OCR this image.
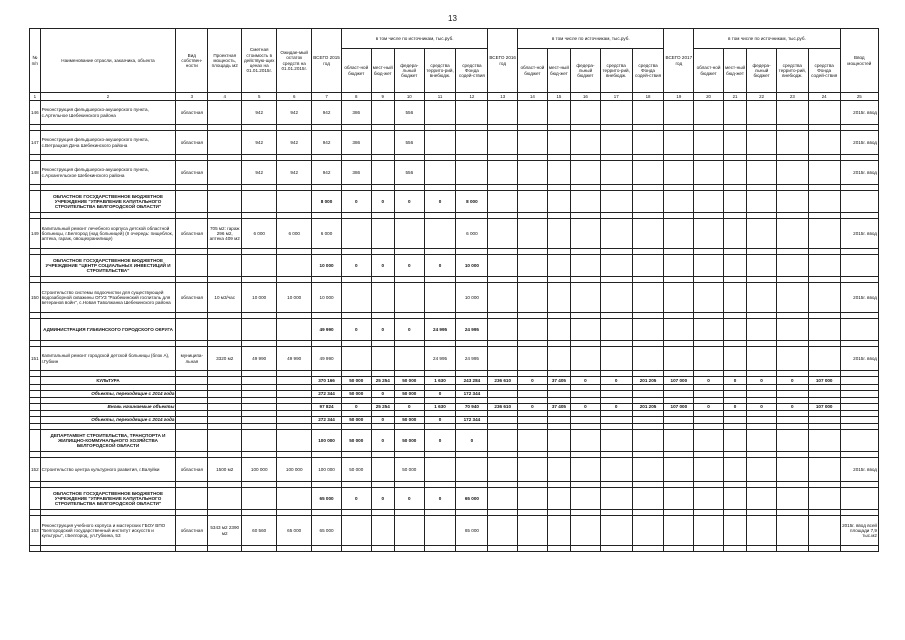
13
№ п/п	Наименование отрасли, заказчика, объекта	Вид собствен-ности	Проектная мощность, площадь м2	Сметная стоимость в действую-щих ценах на 01.01.2015г.	Ожидае-мый остаток средств на 01.01.2015г.	ВСЕГО 2015 год	в том числе по источникам, тыс.руб.					ВСЕГО 2016 год	в том числе по источникам, тыс.руб.					ВСЕГО 2017 год	в том числе по источникам, тыс.руб.					Ввод мощностей
							област-ной бюджет	мест-ный бюд-жет	федера-льный бюджет	средства террито-рий, внебюдж.	средства Фонда содей-ствия		област-ной бюджет	мест-ный бюд-жет	федера-льный бюджет	средства террито-рий, внебюдж.	средства Фонда содей-ствия		област-ной бюджет	мест-ный бюд-жет	федера-льный бюджет	средства террито-рий, внебюдж.	средства Фонда содей-ствия	
1	2	3	4	5	6	7	8	9	10	11	12	13	14	15	16	17	18	19	20	21	22	23	24	25
146	Реконструкция фельдшерско-акушерского пункта, с.Артельное Шебекинского района	областная		942	942	942	386		556															2015г. ввод

147	Реконструкция фельдшерско-акушерского пункта, с.Ветрацкая Дача Шебекинского района	областная		942	942	942	386		556															2015г. ввод

148	Реконструкция фельдшерско-акушерского пункта, с.Архангельское Шебекинского района	областная		942	942	942	386		556															2015г. ввод

	ОБЛАСТНОЕ ГОСУДАРСТВЕННОЕ БЮДЖЕТНОЕ УЧРЕЖДЕНИЕ "УПРАВЛЕНИЕ КАПИТАЛЬНОГО СТРОИТЕЛЬСТВА БЕЛГОРОДСКОЙ ОБЛАСТИ"					8 000	0	0	0	0	8 000													

149	Капитальный ремонт лечебного корпуса детской областной больницы, г.Белгород (над больницей) (II очередь: пищеблок, аптека, гараж, овощехранилище)	областная	705 м2: гараж 296 м2, аптека 409 м2	6 000	6 000	6 000					6 000													2015г. ввод

	ОБЛАСТНОЕ ГОСУДАРСТВЕННОЕ БЮДЖЕТНОЕ УЧРЕЖДЕНИЕ "ЦЕНТР СОЦИАЛЬНЫХ ИНВЕСТИЦИЙ И СТРОИТЕЛЬСТВА"					10 000	0	0	0	0	10 000													

150	Строительство системы водоочистки для существующей водозаборной скважины ОГУЗ "Разбекинский госпиталь для ветеранов войн", с.Новая Таволжанка Шебекинского района	областная	10 м3/час	10 000	10 000	10 000					10 000													2015г. ввод

	АДМИНИСТРАЦИЯ ГУБКИНСКОГО ГОРОДСКОГО ОКРУГА					49 990	0	0	0	24 995	24 995													

151	Капитальный ремонт городской детской больницы (блок А), г.Губкин	муниципа-льная	3320 м2	49 990	49 990	49 990				24 995	24 995													2015г. ввод

	КУЛЬТУРА					370 166	50 000	25 254	50 000	1 630	243 284	236 610	0	37 405	0	0	201 205	107 000	0	0	0	0	107 000	

	Объекты, переходящие с 2014 года					272 344	50 000	0	50 000	0	172 344													

	Вновь начинаемые объекты					97 824	0	25 254	0	1 630	70 940	236 610	0	37 405	0	0	201 205	107 000	0	0	0	0	107 000	

	Объекты, переходящие с 2014 года					272 344	50 000	0	50 000	0	172 344													

	ДЕПАРТАМЕНТ СТРОИТЕЛЬСТВА, ТРАНСПОРТА И ЖИЛИЩНО-КОММУНАЛЬНОГО ХОЗЯЙСТВА БЕЛГОРОДСКОЙ ОБЛАСТИ					100 000	50 000	0	50 000	0	0													

152	Строительство центра культурного развития, г.Валуйки	областная	1500 м2	100 000	100 000	100 000	50 000		50 000															2015г. ввод

	ОБЛАСТНОЕ ГОСУДАРСТВЕННОЕ БЮДЖЕТНОЕ УЧРЕЖДЕНИЕ "УПРАВЛЕНИЕ КАПИТАЛЬНОГО СТРОИТЕЛЬСТВА БЕЛГОРОДСКОЙ ОБЛАСТИ"					65 000	0	0	0	0	65 000													

153	Реконструкция учебного корпуса и мастерских ГБОУ ВПО "Белгородский государственный институт искусств и культуры", г.Белгород, ул.Губкина, 53	областная	5343 м2 2390 м2	60 560	65 000	65 000					65 000													2015г. ввод всей площади 7,9 тыс.м2
